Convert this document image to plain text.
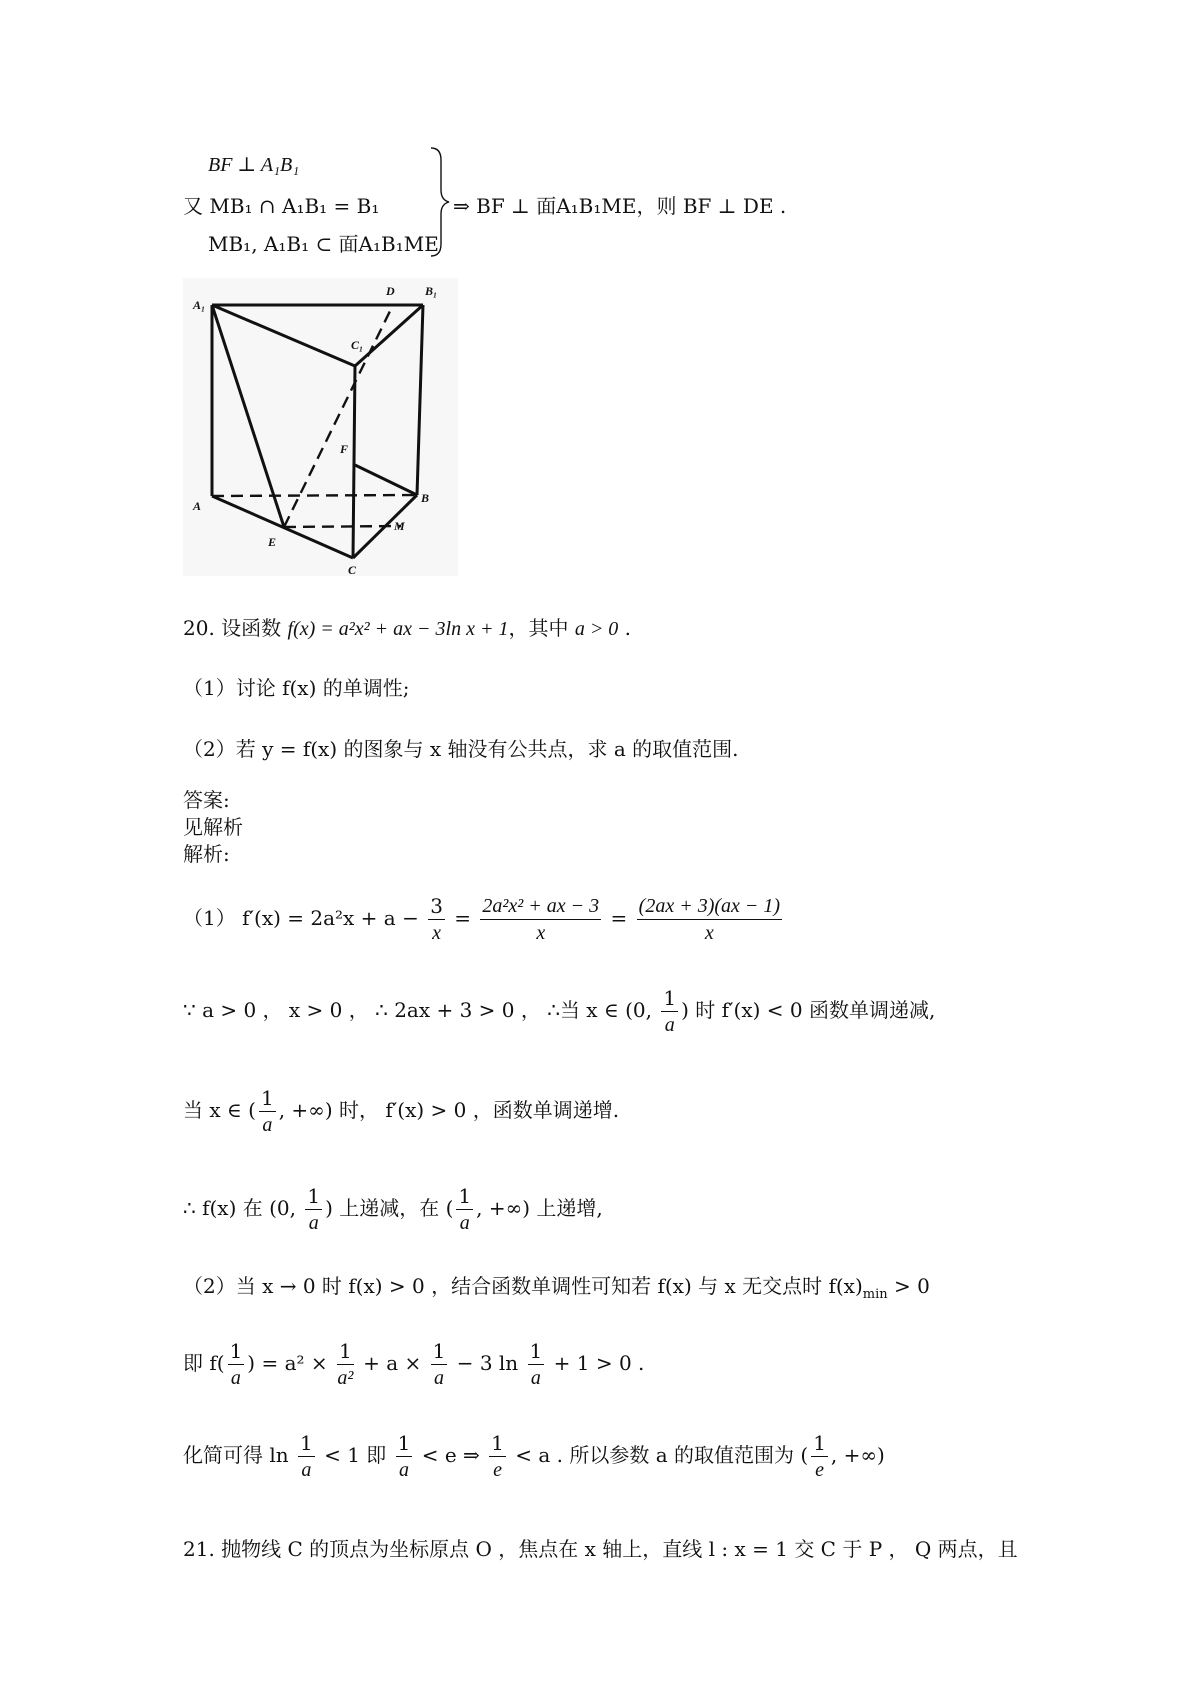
BF ⊥ A₁B₁
又 MB₁ ∩ A₁B₁ = B₁
MB₁, A₁B₁ ⊂ 面A₁B₁ME
⇒ BF ⊥ 面A₁B₁ME，则 BF ⊥ DE .
A₁
D	B₁
C₁
F
A
B
E
M
C
20. 设函数 f(x) = a²x² + ax − 3ln x + 1，其中 a > 0 .
（1）讨论 f(x) 的单调性;
（2）若 y = f(x) 的图象与 x 轴没有公共点，求 a 的取值范围.
答案:
见解析
解析:
（1） $f'(x) = 2a^2x + a - \frac{3}{x} = \frac{\text{2a²x² + ax − 3}}{x} = \frac{(2ax + 3)(ax - 1)}{x}$
∵ a > 0 ， x > 0 ， ∴ 2ax + 3 > 0 ， ∴当 x ∈ (0, $\frac{1}{a}$ ) 时 f′(x) < 0 函数单调递减,
当 x ∈ ( $\frac{1}{a}$ , +∞) 时， f′(x) > 0 ，函数单调递增.
∴ f(x) 在 (0, $\frac{1}{a}$ ) 上递减，在 ( $\frac{1}{a}$ , +∞) 上递增,
（2）当 x → 0 时 f(x) > 0 ，结合函数单调性可知若 f(x) 与 x 无交点时 $f(x)_{min} > 0$
即 $f( \frac{1}{a}$ ) = $a^2 \times \frac{1}{\text{a²}} + a \times \frac{1}{a} - 3$ $\ln \frac{1}{a} + 1 > 0$ .
化简可得 $\ln \frac{1}{a} < 1$ 即 $\frac{1}{a} < e$ ⇒ $\frac{1}{e} < a$ . 所以参数 a 的取值范围为 ( $\frac{1}{e}$ , +∞)
21. 抛物线 C 的顶点为坐标原点 O ，焦点在 x 轴上，直线 l : x = 1 交 C 于 P ， Q 两点，且
